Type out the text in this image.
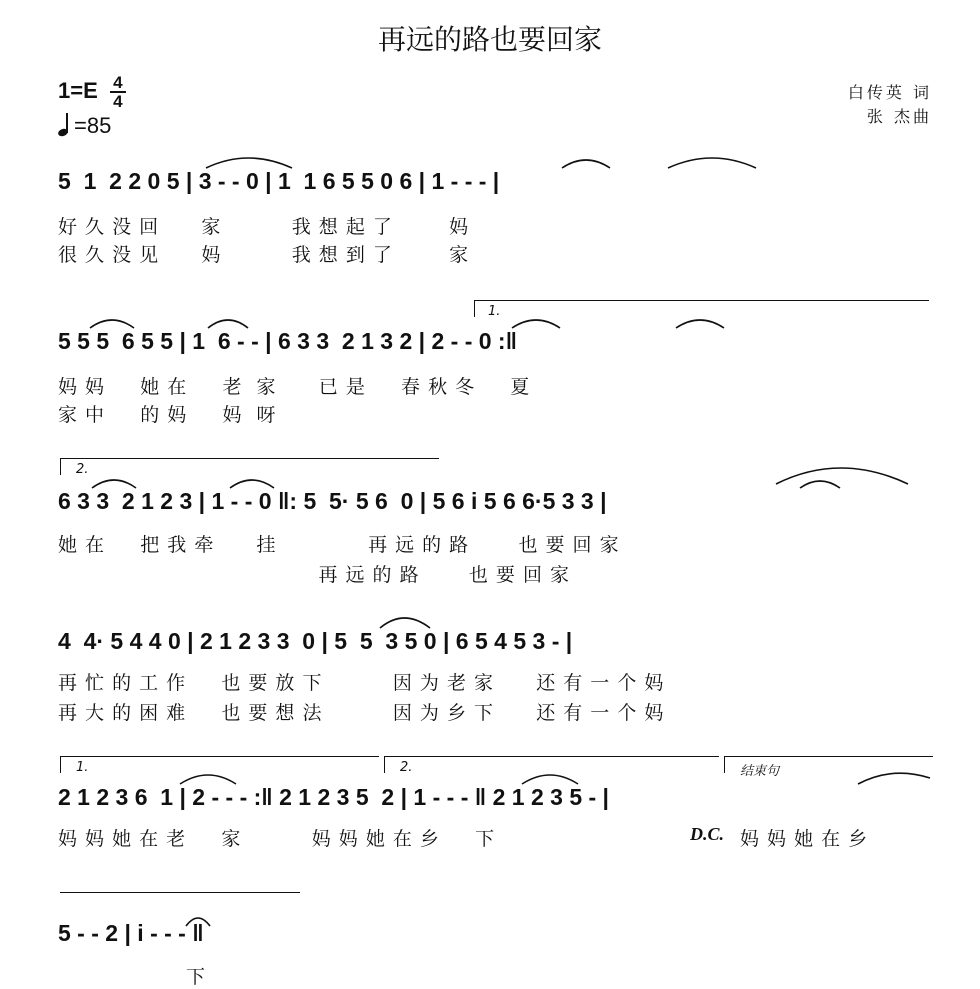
再远的路也要回家
$1=E \frac{4}{4}$
=85
白传英 词
张 杰曲
5  1  2 2 0 5 | 3 - - 0 | 1  1 6 5 5 0 6 | 1 - - - |
好 久 没 回      家          我 想 起 了        妈
很 久 没 见      妈          我 想 到 了        家
1.
5 5 5  6 5 5 | 1  6 - - | 6 3 3  2 1 3 2 | 2 - - 0 :‖
妈 妈     她 在     老  家      已 是     春 秋 冬     夏
家 中     的 妈     妈  呀
2.
6 3 3  2 1 2 3 | 1 - - 0 ‖: 5  5· 5 6  0 | 5 6 i 5 6 6·5 3 3 |
她 在     把 我 牵      挂             再 远 的 路       也 要 回 家
再 远 的 路       也 要 回 家
4  4· 5 4 4 0 | 2 1 2 3 3  0 | 5  5  3 5 0 | 6 5 4 5 3 - |
再 忙 的 工 作     也 要 放 下          因 为 老 家      还 有 一 个 妈
再 大 的 困 难     也 要 想 法          因 为 乡 下      还 有 一 个 妈
1.	2.	结束句
2 1 2 3 6  1 | 2 - - - :‖ 2 1 2 3 5  2 | 1 - - - ‖ 2 1 2 3 5 - |
妈 妈 她 在 老     家          妈 妈 她 在 乡     下	D.C. 妈 妈 她 在 乡
5 - - 2 | i - - - ‖
下
